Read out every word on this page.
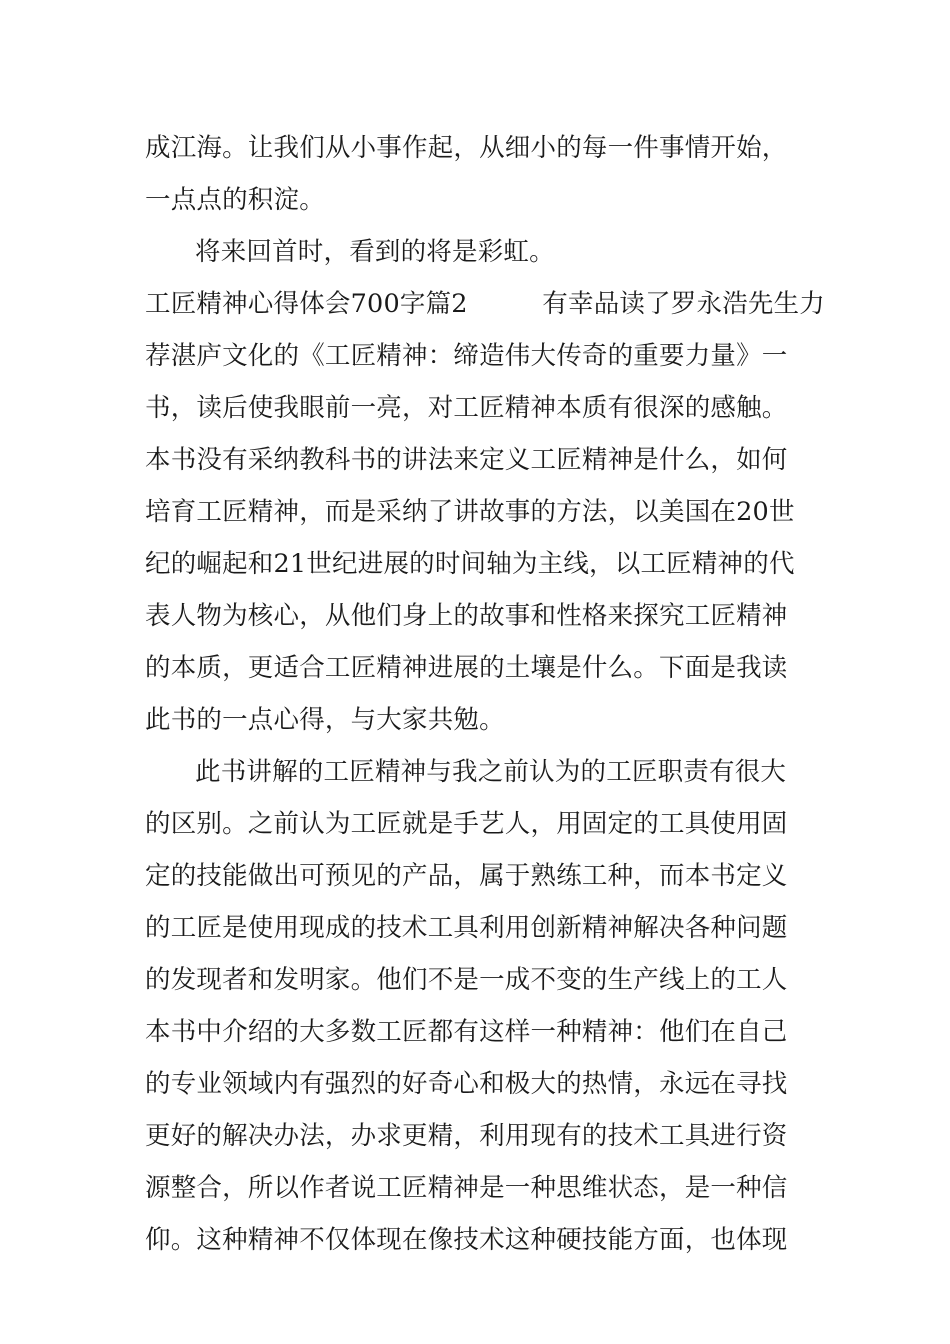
成江海。让我们从小事作起，从细小的每一件事情开始，
一点点的积淀。
将来回首时，看到的将是彩虹。
工匠精神心得体会700字篇2	有幸品读了罗永浩先生力
荐湛庐文化的《工匠精神：缔造伟大传奇的重要力量》一
书，读后使我眼前一亮，对工匠精神本质有很深的感触。
本书没有采纳教科书的讲法来定义工匠精神是什么，如何
培育工匠精神，而是采纳了讲故事的方法，以美国在20世
纪的崛起和21世纪进展的时间轴为主线，以工匠精神的代
表人物为核心，从他们身上的故事和性格来探究工匠精神
的本质，更适合工匠精神进展的土壤是什么。下面是我读
此书的一点心得，与大家共勉。
此书讲解的工匠精神与我之前认为的工匠职责有很大
的区别。之前认为工匠就是手艺人，用固定的工具使用固
定的技能做出可预见的产品，属于熟练工种，而本书定义
的工匠是使用现成的技术工具利用创新精神解决各种问题
的发现者和发明家。他们不是一成不变的生产线上的工人
本书中介绍的大多数工匠都有这样一种精神：他们在自己
的专业领域内有强烈的好奇心和极大的热情，永远在寻找
更好的解决办法，办求更精，利用现有的技术工具进行资
源整合，所以作者说工匠精神是一种思维状态，是一种信
仰。这种精神不仅体现在像技术这种硬技能方面，也体现
